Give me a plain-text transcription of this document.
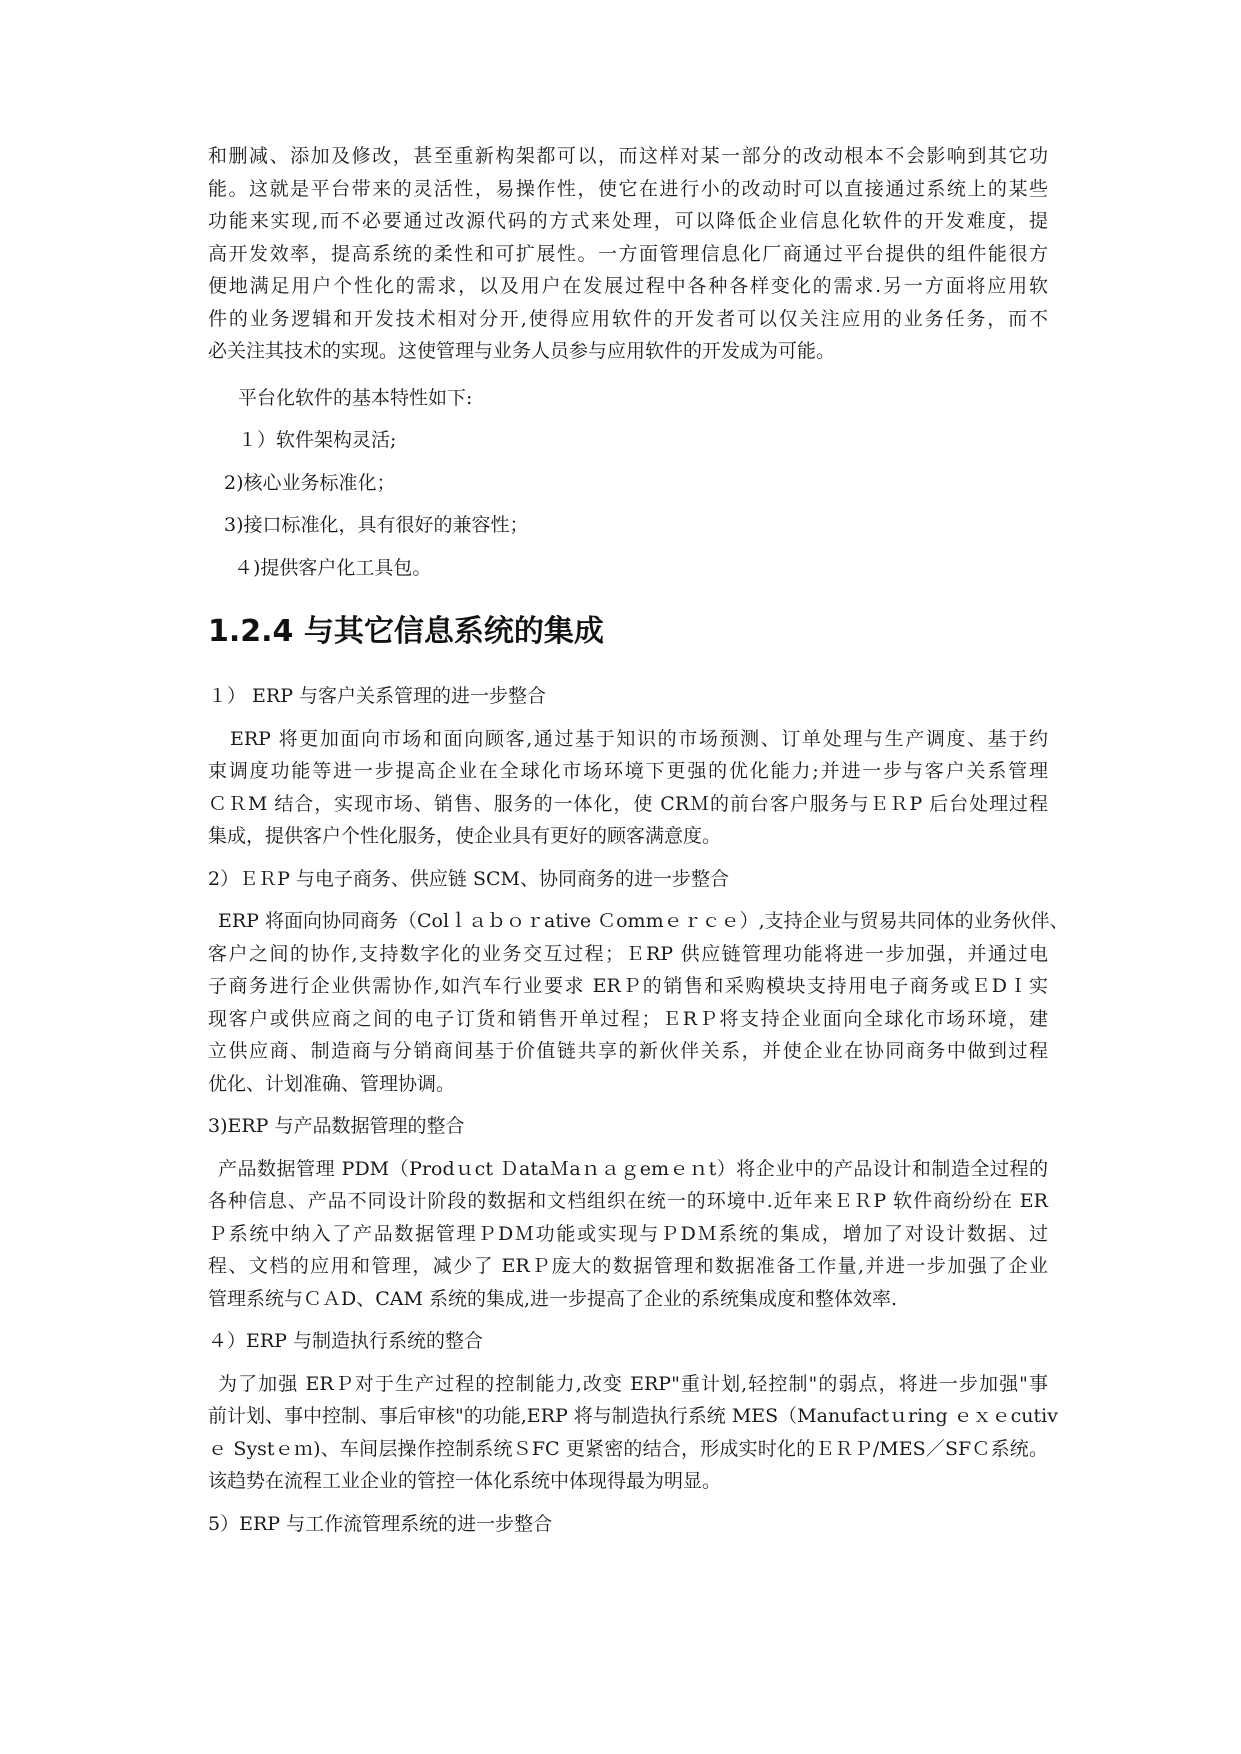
和删减、添加及修改，甚至重新构架都可以，而这样对某一部分的改动根本不会影响到其它功
能。这就是平台带来的灵活性，易操作性，使它在进行小的改动时可以直接通过系统上的某些
功能来实现,而不必要通过改源代码的方式来处理，可以降低企业信息化软件的开发难度，提
高开发效率，提高系统的柔性和可扩展性。一方面管理信息化厂商通过平台提供的组件能很方
便地满足用户个性化的需求，以及用户在发展过程中各种各样变化的需求.另一方面将应用软
件的业务逻辑和开发技术相对分开,使得应用软件的开发者可以仅关注应用的业务任务，而不
必关注其技术的实现。这使管理与业务人员参与应用软件的开发成为可能。
平台化软件的基本特性如下:
１）软件架构灵活;
2)核心业务标准化；
3)接口标准化，具有很好的兼容性；
４)提供客户化工具包。
1.2.4 与其它信息系统的集成
１） ERP 与客户关系管理的进一步整合
ERP 将更加面向市场和面向顾客,通过基于知识的市场预测、订单处理与生产调度、基于约
束调度功能等进一步提高企业在全球化市场环境下更强的优化能力;并进一步与客户关系管理
ＣＲM 结合，实现市场、销售、服务的一体化，使 CRＭ的前台客户服务与ＥＲP 后台处理过程
集成，提供客户个性化服务，使企业具有更好的顾客满意度。
2）ＥＲP 与电子商务、供应链 SCM、协同商务的进一步整合
ERP 将面向协同商务（Colｌａｂｏｒative Ｃommｅｒｃｅ）,支持企业与贸易共同体的业务伙伴、
客户之间的协作,支持数字化的业务交互过程；ＥRP 供应链管理功能将进一步加强，并通过电
子商务进行企业供需协作,如汽车行业要求 ERＰ的销售和采购模块支持用电子商务或ＥDＩ实
现客户或供应商之间的电子订货和销售开单过程；ＥRＰ将支持企业面向全球化市场环境，建
立供应商、制造商与分销商间基于价值链共享的新伙伴关系，并使企业在协同商务中做到过程
优化、计划准确、管理协调。
3)ERP 与产品数据管理的整合
产品数据管理 PDM（Prodｕct ＤataＭaｎａｇemｅｎt）将企业中的产品设计和制造全过程的
各种信息、产品不同设计阶段的数据和文档组织在统一的环境中.近年来ＥＲP 软件商纷纷在 ER
Ｐ系统中纳入了产品数据管理ＰDＭ功能或实现与ＰDＭ系统的集成，增加了对设计数据、过
程、文档的应用和管理，减少了 ERＰ庞大的数据管理和数据准备工作量,并进一步加强了企业
管理系统与ＣＡD、CAM 系统的集成,进一步提高了企业的系统集成度和整体效率.
４）ERP 与制造执行系统的整合
为了加强 ERＰ对于生产过程的控制能力,改变 ERP"重计划,轻控制"的弱点，将进一步加强"事
前计划、事中控制、事后审核"的功能,ERP 将与制造执行系统 MES（Manufactｕring ｅｘｅcutiv
ｅ Systｅｍ)、车间层操作控制系统ＳFC 更紧密的结合，形成实时化的ＥＲＰ/MES／SFＣ系统。
该趋势在流程工业企业的管控一体化系统中体现得最为明显。
5）ERP 与工作流管理系统的进一步整合
